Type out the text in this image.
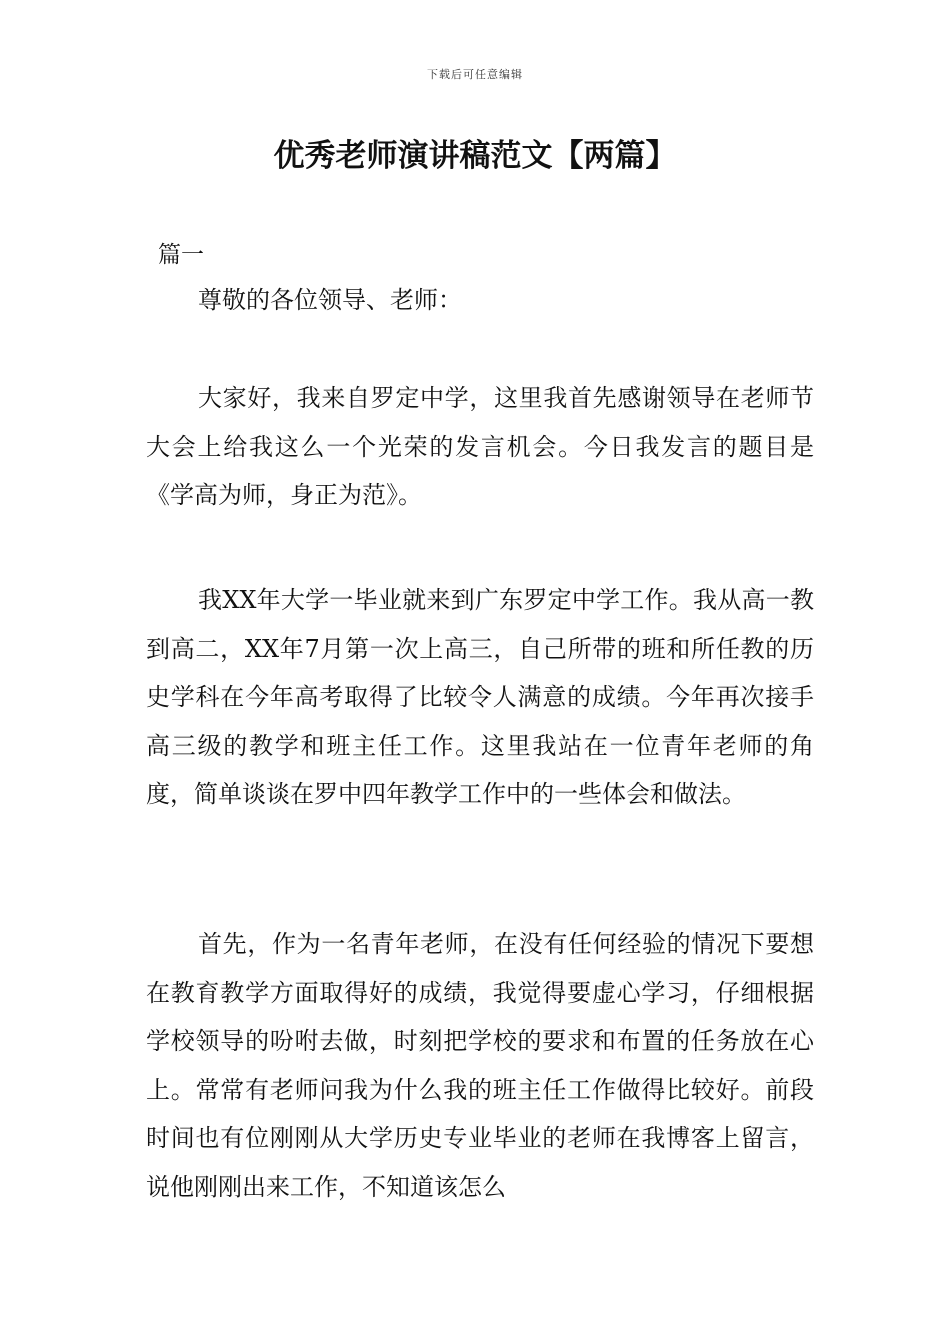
下载后可任意编辑
优秀老师演讲稿范文【两篇】

篇一

尊敬的各位领导、老师：

大家好，我来自罗定中学，这里我首先感谢领导在老师节大会上给我这么一个光荣的发言机会。今日我发言的题目是《学高为师，身正为范》。

我XX年大学一毕业就来到广东罗定中学工作。我从高一教到高二，XX年7月第一次上高三，自己所带的班和所任教的历史学科在今年高考取得了比较令人满意的成绩。今年再次接手高三级的教学和班主任工作。这里我站在一位青年老师的角度，简单谈谈在罗中四年教学工作中的一些体会和做法。

首先，作为一名青年老师，在没有任何经验的情况下要想在教育教学方面取得好的成绩，我觉得要虚心学习，仔细根据学校领导的吩咐去做，时刻把学校的要求和布置的任务放在心上。常常有老师问我为什么我的班主任工作做得比较好。前段时间也有位刚刚从大学历史专业毕业的老师在我博客上留言，说他刚刚出来工作，不知道该怎么
